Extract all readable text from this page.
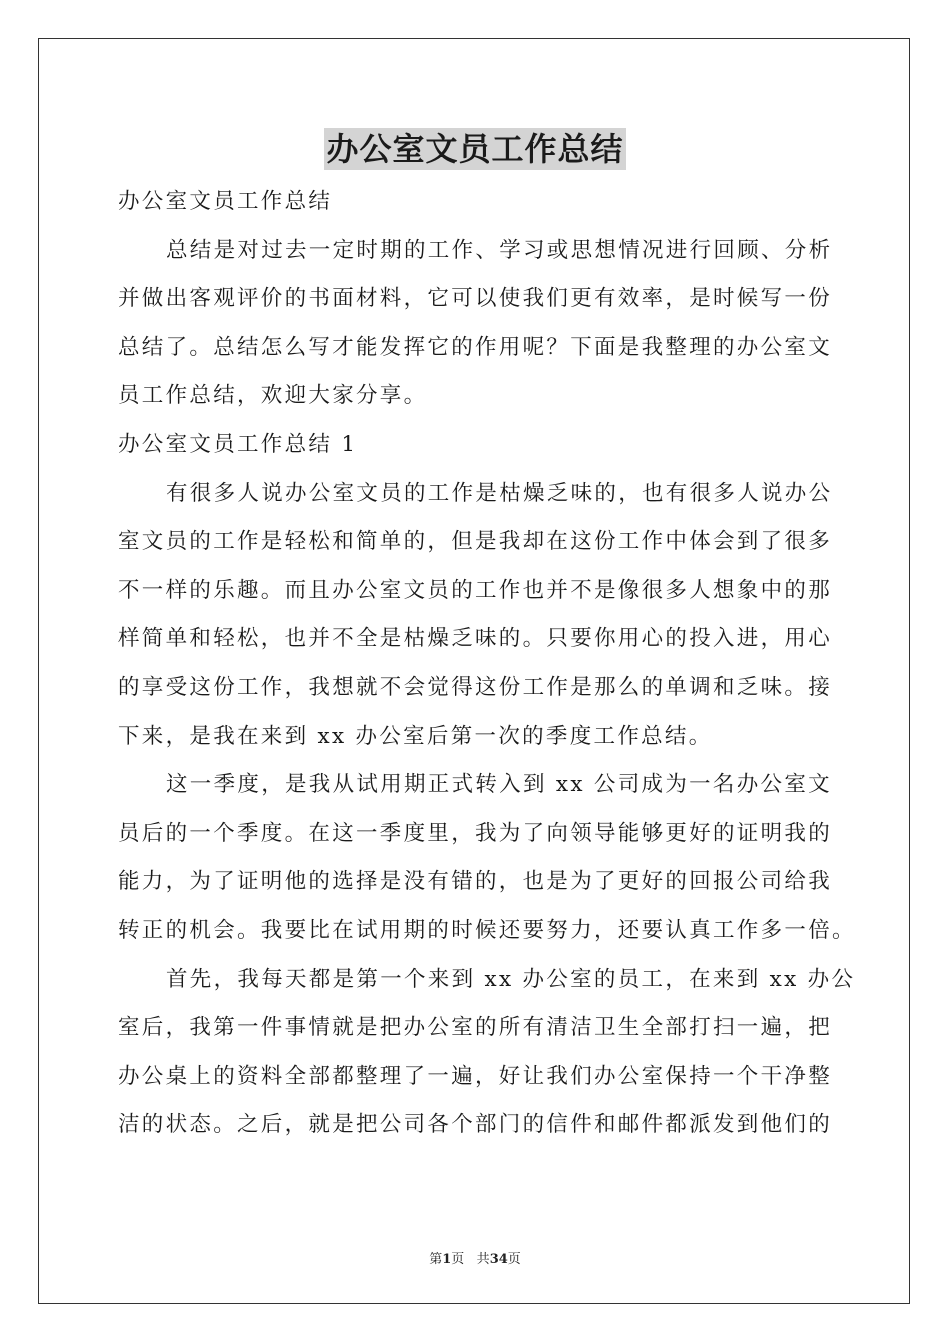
办公室文员工作总结
办公室文员工作总结
总结是对过去一定时期的工作、学习或思想情况进行回顾、分析
并做出客观评价的书面材料，它可以使我们更有效率，是时候写一份
总结了。总结怎么写才能发挥它的作用呢？下面是我整理的办公室文
员工作总结，欢迎大家分享。
办公室文员工作总结 1
有很多人说办公室文员的工作是枯燥乏味的，也有很多人说办公
室文员的工作是轻松和简单的，但是我却在这份工作中体会到了很多
不一样的乐趣。而且办公室文员的工作也并不是像很多人想象中的那
样简单和轻松，也并不全是枯燥乏味的。只要你用心的投入进，用心
的享受这份工作，我想就不会觉得这份工作是那么的单调和乏味。接
下来，是我在来到 xx 办公室后第一次的季度工作总结。
这一季度，是我从试用期正式转入到 xx 公司成为一名办公室文
员后的一个季度。在这一季度里，我为了向领导能够更好的证明我的
能力，为了证明他的选择是没有错的，也是为了更好的回报公司给我
转正的机会。我要比在试用期的时候还要努力，还要认真工作多一倍。
首先，我每天都是第一个来到 xx 办公室的员工，在来到 xx 办公
室后，我第一件事情就是把办公室的所有清洁卫生全部打扫一遍，把
办公桌上的资料全部都整理了一遍，好让我们办公室保持一个干净整
洁的状态。之后，就是把公司各个部门的信件和邮件都派发到他们的
第1页 共34页
